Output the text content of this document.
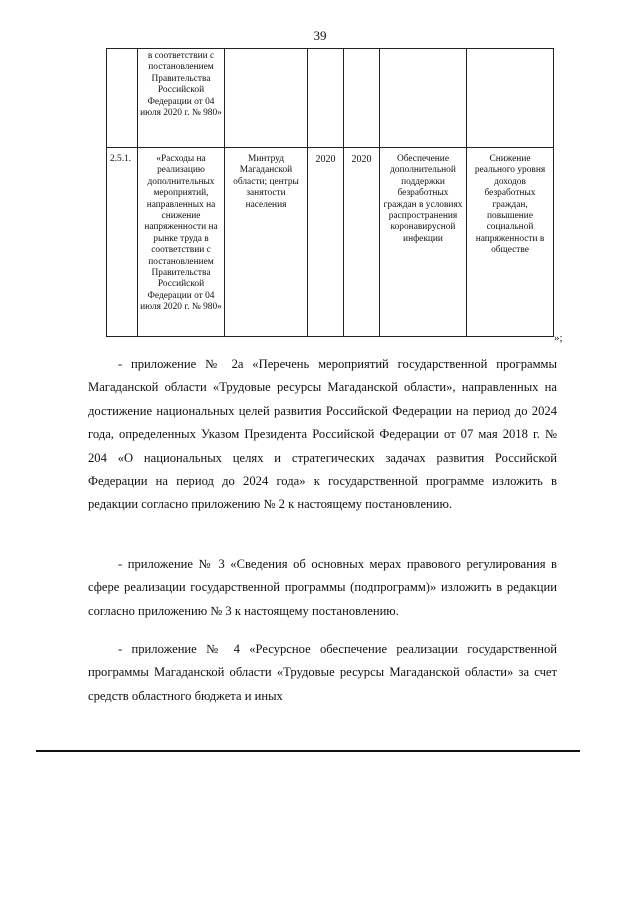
39
	в соответствии с постановлением Правительства Российской Федерации от 04 июля 2020 г. № 980»					
2.5.1.	«Расходы на реализацию дополнительных мероприятий, направленных на снижение напряженности на рынке труда в соответствии с постановлением Правительства Российской Федерации от 04 июля 2020 г. № 980»	Минтруд Магаданской области; центры занятости населения	2020	2020	Обеспечение дополнительной поддержки безработных граждан в условиях распространения коронавирусной инфекции	Снижение реального уровня доходов безработных граждан, повышение социальной напряженности в обществе
»;

- приложение № 2а «Перечень мероприятий государственной программы Магаданской области «Трудовые ресурсы Магаданской области», направленных на достижение национальных целей развития Российской Федерации на период до 2024 года, определенных Указом Президента Российской Федерации от 07 мая 2018 г. № 204 «О национальных целях и стратегических задачах развития Российской Федерации на период до 2024 года» к государственной программе изложить в редакции согласно приложению № 2 к настоящему постановлению.

- приложение № 3 «Сведения об основных мерах правового регулирования в сфере реализации государственной программы (подпрограмм)» изложить в редакции согласно приложению № 3 к настоящему постановлению.

- приложение № 4 «Ресурсное обеспечение реализации государственной программы Магаданской области «Трудовые ресурсы Магаданской области» за счет средств областного бюджета и иных
